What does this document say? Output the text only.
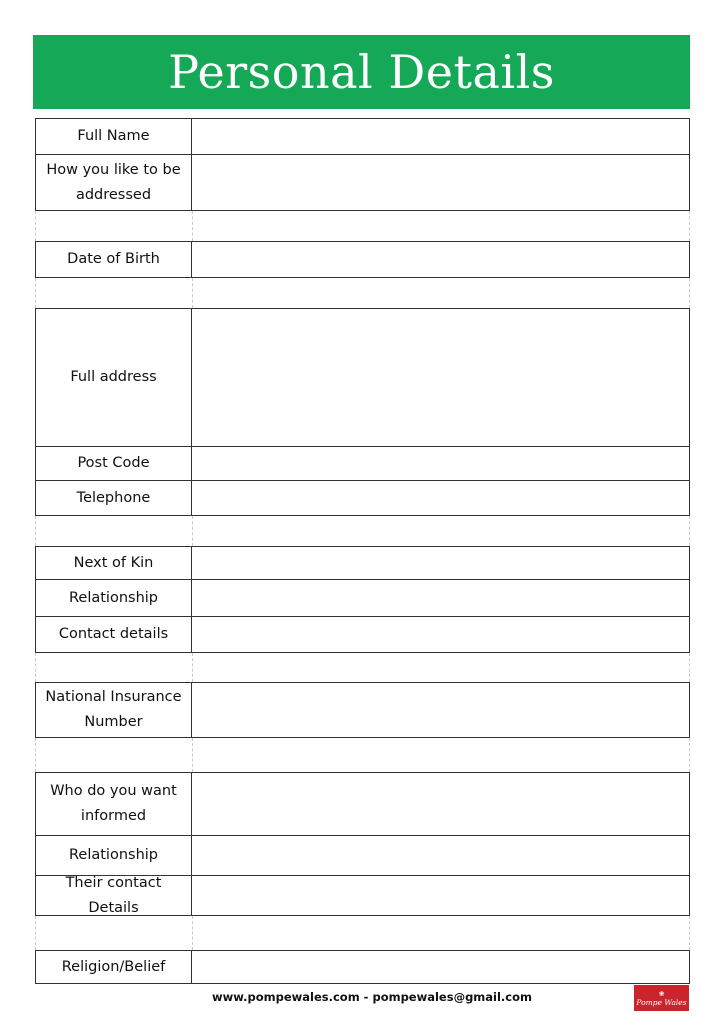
Personal Details
Full Name
How you like to be addressed
Date of Birth
Full address
Post Code
Telephone
Next of Kin
Relationship
Contact details
National Insurance Number
Who do you want informed
Relationship
Their contact Details
Religion/Belief
www.pompewales.com - pompewales@gmail.com	❀
Pompe Wales
